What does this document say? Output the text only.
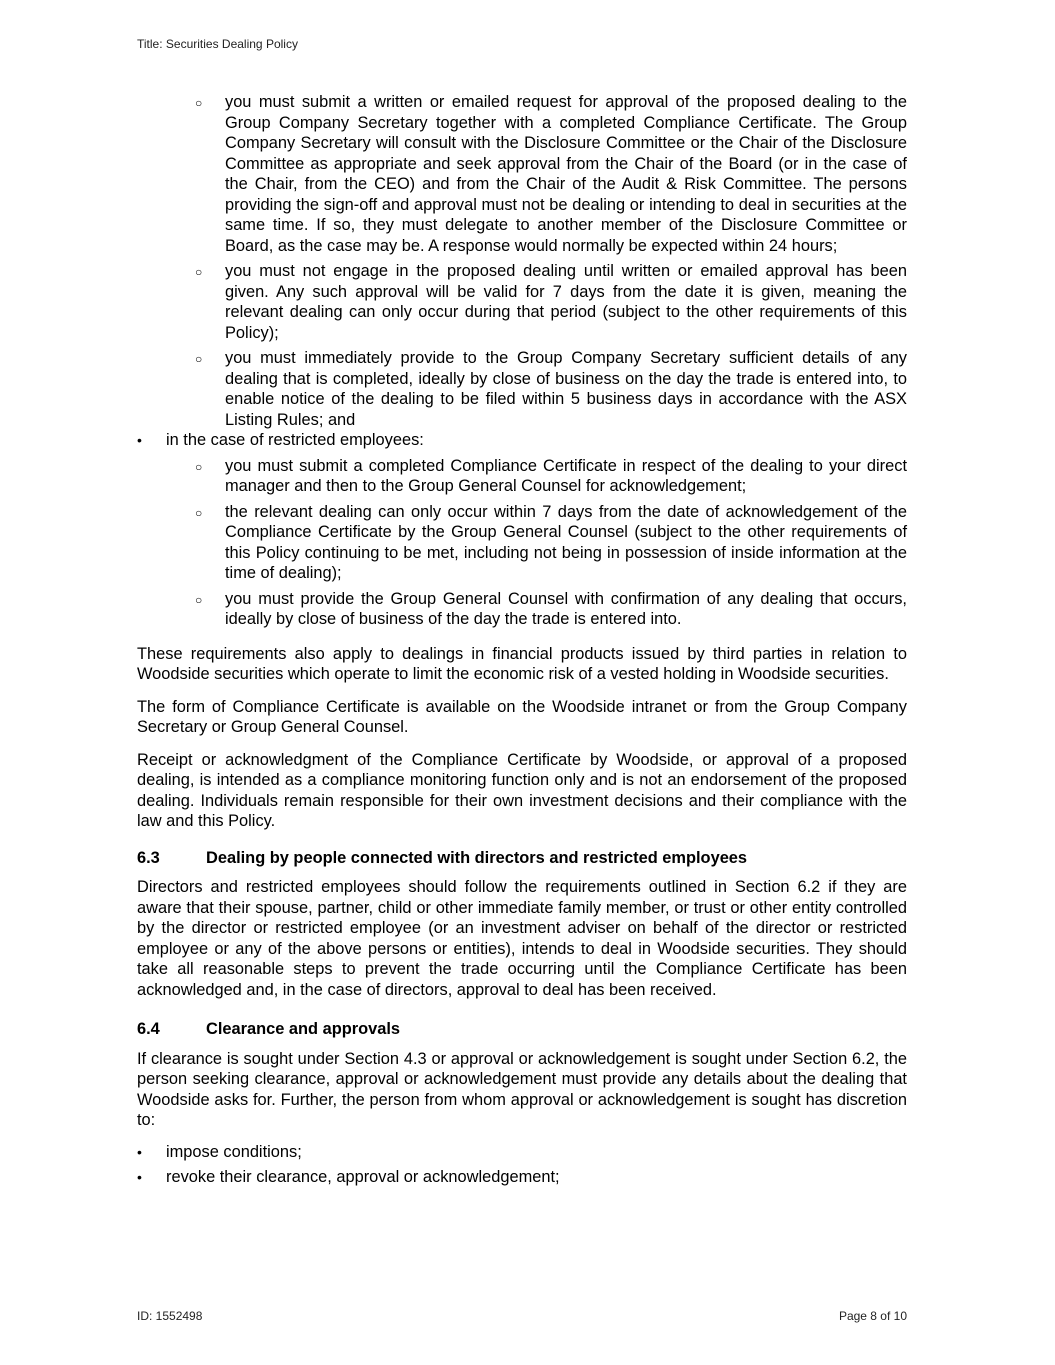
Title: Securities Dealing Policy
○	you must submit a written or emailed request for approval of the proposed dealing to the Group Company Secretary together with a completed Compliance Certificate. The Group Company Secretary will consult with the Disclosure Committee or the Chair of the Disclosure Committee as appropriate and seek approval from the Chair of the Board (or in the case of the Chair, from the CEO) and from the Chair of the Audit & Risk Committee. The persons providing the sign-off and approval must not be dealing or intending to deal in securities at the same time. If so, they must delegate to another member of the Disclosure Committee or Board, as the case may be. A response would normally be expected within 24 hours;

○	you must not engage in the proposed dealing until written or emailed approval has been given. Any such approval will be valid for 7 days from the date it is given, meaning the relevant dealing can only occur during that period (subject to the other requirements of this Policy);

○	you must immediately provide to the Group Company Secretary sufficient details of any dealing that is completed, ideally by close of business on the day the trade is entered into, to enable notice of the dealing to be filed within 5 business days in accordance with the ASX Listing Rules; and

•	in the case of restricted employees:

○	you must submit a completed Compliance Certificate in respect of the dealing to your direct manager and then to the Group General Counsel for acknowledgement;

○	the relevant dealing can only occur within 7 days from the date of acknowledgement of the Compliance Certificate by the Group General Counsel (subject to the other requirements of this Policy continuing to be met, including not being in possession of inside information at the time of dealing);

○	you must provide the Group General Counsel with confirmation of any dealing that occurs, ideally by close of business of the day the trade is entered into.

These requirements also apply to dealings in financial products issued by third parties in relation to Woodside securities which operate to limit the economic risk of a vested holding in Woodside securities.

The form of Compliance Certificate is available on the Woodside intranet or from the Group Company Secretary or Group General Counsel.

Receipt or acknowledgment of the Compliance Certificate by Woodside, or approval of a proposed dealing, is intended as a compliance monitoring function only and is not an endorsement of the proposed dealing. Individuals remain responsible for their own investment decisions and their compliance with the law and this Policy.

6.3	Dealing by people connected with directors and restricted employees

Directors and restricted employees should follow the requirements outlined in Section 6.2 if they are aware that their spouse, partner, child or other immediate family member, or trust or other entity controlled by the director or restricted employee (or an investment adviser on behalf of the director or restricted employee or any of the above persons or entities), intends to deal in Woodside securities. They should take all reasonable steps to prevent the trade occurring until the Compliance Certificate has been acknowledged and, in the case of directors, approval to deal has been received.

6.4	Clearance and approvals

If clearance is sought under Section 4.3 or approval or acknowledgement is sought under Section 6.2, the person seeking clearance, approval or acknowledgement must provide any details about the dealing that Woodside asks for. Further, the person from whom approval or acknowledgement is sought has discretion to:

•	impose conditions;

•	revoke their clearance, approval or acknowledgement;

ID: 1552498	Page 8 of 10
